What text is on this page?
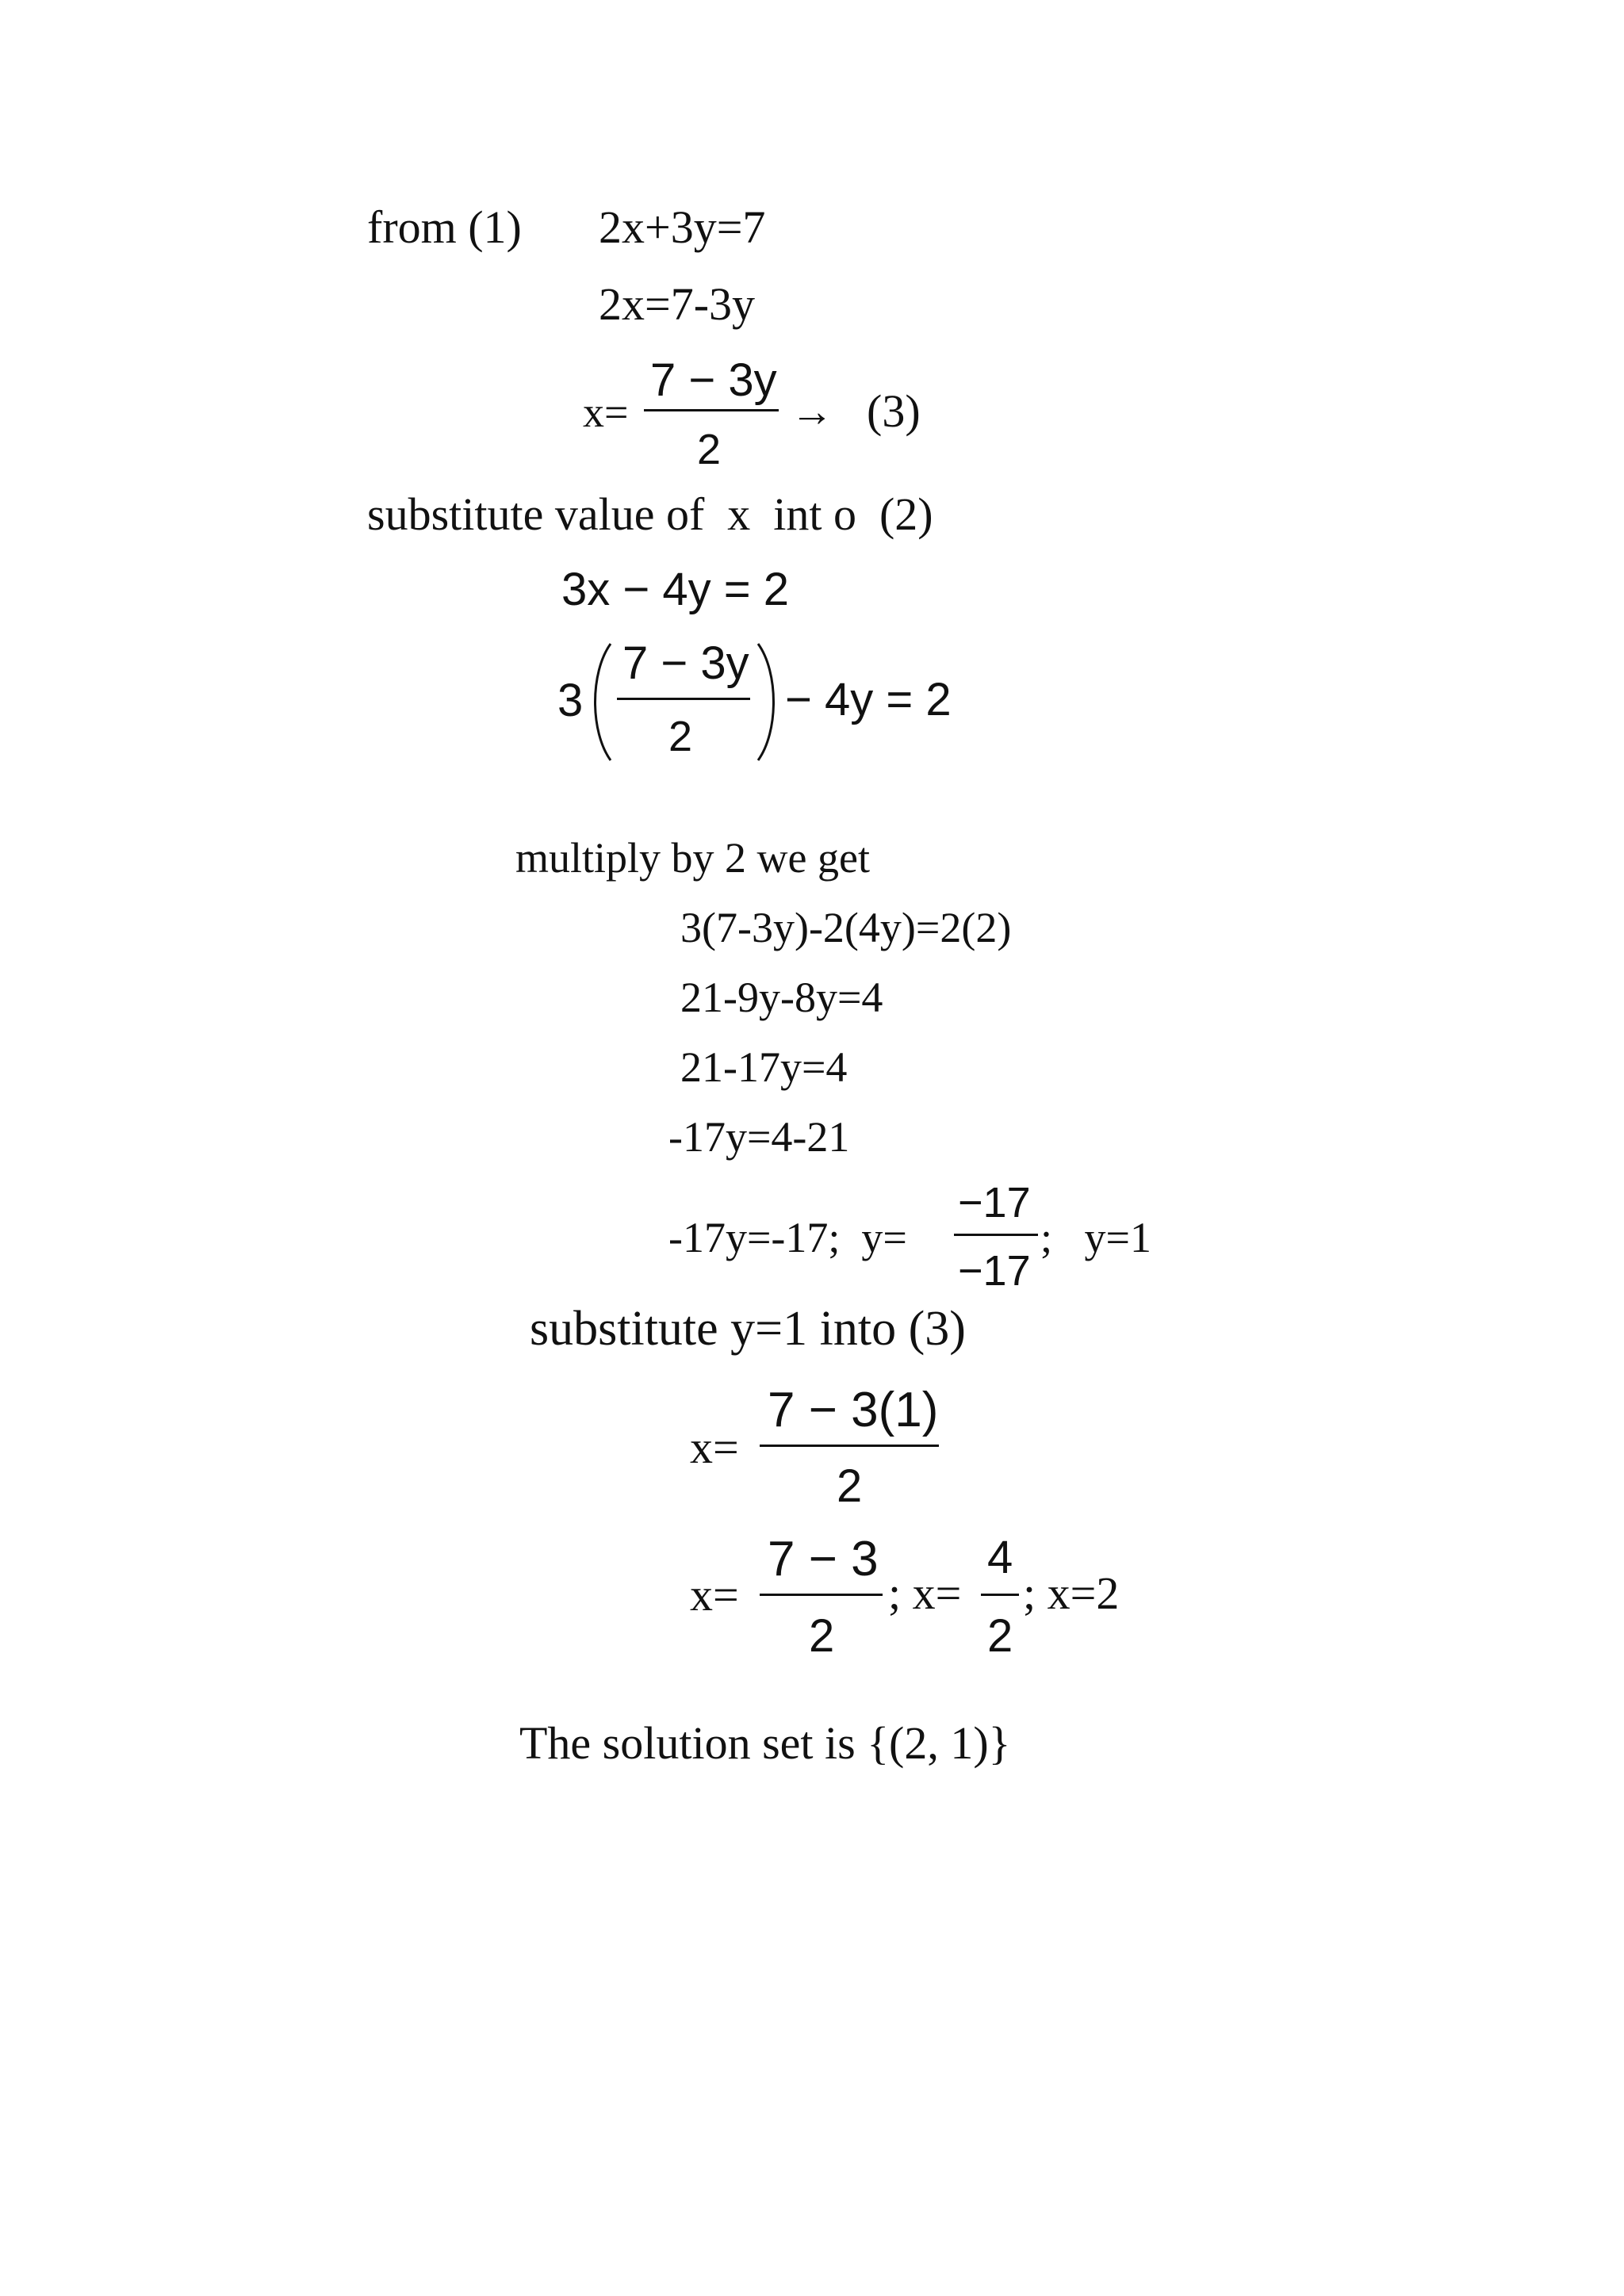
from (1) 2x+3y=7
2x=7-3y
x=
7 − 3y
2
→ (3)
substitute value of  x  int o  (2)
3x − 4y = 2
3
7 − 3y
2
− 4y = 2
multiply by 2 we get
3(7-3y)-2(4y)=2(2)
21-9y-8y=4
21-17y=4
-17y=4-21
-17y=-17;  y=
−17
−17
;   y=1
substitute y=1 into (3)
x=
7 − 3(1)
2
x=
7 − 3
2
; x=
4
2
; x=2
The solution set is {(2, 1)}
